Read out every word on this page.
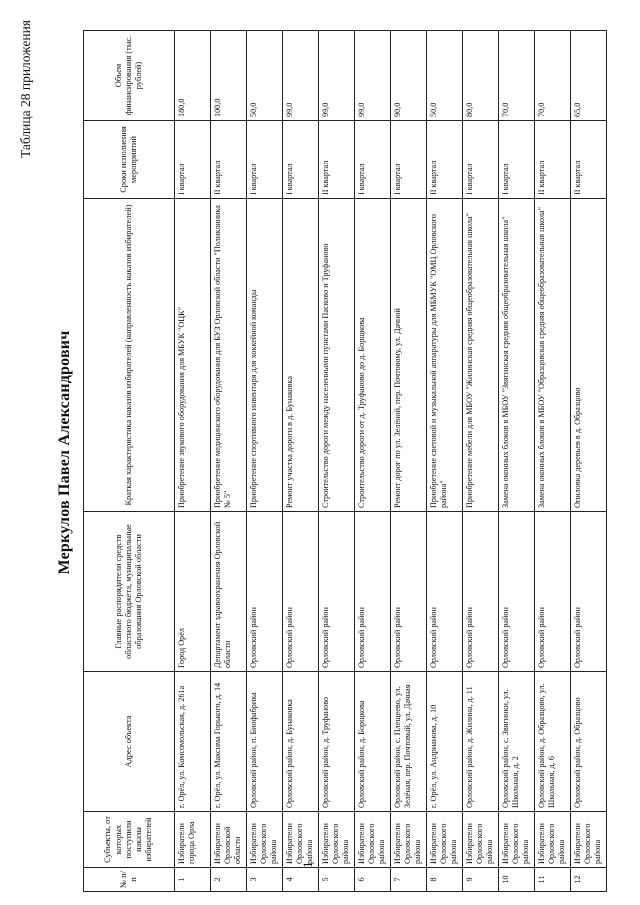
1
Таблица 28 приложения
Меркулов Павел Александрович
№ п/п	Субъекты, от которых поступили наказы избирателей	Адрес объекта	Главные распорядители средств областного бюджета, муниципальные образования Орловской области	Краткая характеристика наказов избирателей (направленность наказов избирателей)	Сроки исполнения мероприятий	Объем финансирования (тыс. рублей)
1	Избиратели города Орла	г. Орёл, ул. Комсомольская, д. 261а	Город Орёл	Приобретение звукового оборудования для МБУК "ОЦК"	I квартал	180,0
2	Избиратели Орловской области	г. Орёл, ул. Максима Горького, д. 14	Департамент здравоохранения Орловской области	Приобретение медицинского оборудования для БУЗ Орловской области "Поликлиника № 5"	II квартал	100,0
3	Избиратели Орловского района	Орловский район, п. Биофабрика	Орловский район	Приобретение спортивного инвентаря для хоккейной команды	I квартал	50,0
4	Избиратели Орловского района	Орловский район, д. Бунаковка	Орловский район	Ремонт участка дороги в д. Бунаковка	I квартал	99,0
5	Избиратели Орловского района	Орловский район, д. Труфаново	Орловский район	Строительство дороги между населенными пунктами Пасково и Труфаново	II квартал	99,0
6	Избиратели Орловского района	Орловский район, д. Борщкова	Орловский район	Строительство дороги от д. Труфаново до д. Борщкова	I квартал	99,0
7	Избиратели Орловского района	Орловский район, с. Плещеево, ул. Зелёная, пер. Почтовый, ул. Дачная	Орловский район	Ремонт дорог по ул. Зелёной, пер. Почтовому, ул. Дачной	I квартал	90,0
8	Избиратели Орловского района	г. Орёл, ул. Андрианова, д. 10	Орловский район	Приобретение световой и музыкальной аппаратуры для МБМУК "ОМЦ Орловского района"	II квартал	50,0
9	Избиратели Орловского района	Орловский район, д. Жилина, д. 11	Орловский район	Приобретение мебели для МБОУ "Жилинская средняя общеобразовательная школа"	I квартал	80,0
10	Избиратели Орловского района	Орловский район, с. Звягинки, ул. Школьная, д. 2	Орловский район	Замена оконных блоков в МБОУ "Звягинская средняя общеобразовательная школа"	I квартал	70,0
11	Избиратели Орловского района	Орловский район, д. Образцово, ул. Школьная, д. 6	Орловский район	Замена оконных блоков в МБОУ "Образцовская средняя общеобразовательная школа"	II квартал	70,0
12	Избиратели Орловского района	Орловский район, д. Образцово	Орловский район	Опиловка деревьев в д. Образцово	II квартал	65,0
